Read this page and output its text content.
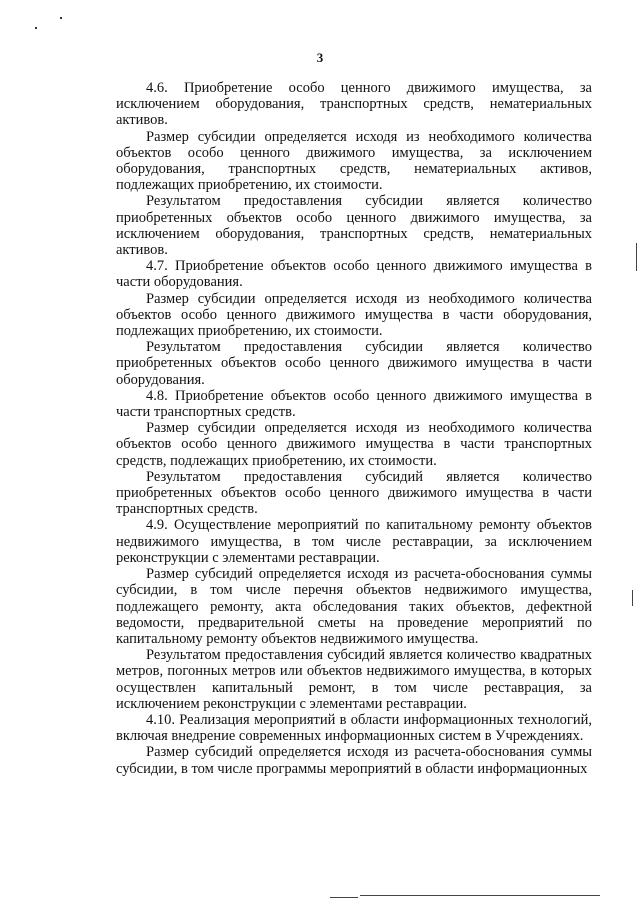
3

4.6. Приобретение особо ценного движимого имущества, за исключением оборудования, транспортных средств, нематериальных активов.

Размер субсидии определяется исходя из необходимого количества объектов особо ценного движимого имущества, за исключением оборудования, транспортных средств, нематериальных активов, подлежащих приобретению, их стоимости.

Результатом предоставления субсидии является количество приобретенных объектов особо ценного движимого имущества, за исключением оборудования, транспортных средств, нематериальных активов.

4.7. Приобретение объектов особо ценного движимого имущества в части оборудования.

Размер субсидии определяется исходя из необходимого количества объектов особо ценного движимого имущества в части оборудования, подлежащих приобретению, их стоимости.

Результатом предоставления субсидии является количество приобретенных объектов особо ценного движимого имущества в части оборудования.

4.8. Приобретение объектов особо ценного движимого имущества в части транспортных средств.

Размер субсидии определяется исходя из необходимого количества объектов особо ценного движимого имущества в части транспортных средств, подлежащих приобретению, их стоимости.

Результатом предоставления субсидий является количество приобретенных объектов особо ценного движимого имущества в части транспортных средств.

4.9. Осуществление мероприятий по капитальному ремонту объектов недвижимого имущества, в том числе реставрации, за исключением реконструкции с элементами реставрации.

Размер субсидий определяется исходя из расчета-обоснования суммы субсидии, в том числе перечня объектов недвижимого имущества, подлежащего ремонту, акта обследования таких объектов, дефектной ведомости, предварительной сметы на проведение мероприятий по капитальному ремонту объектов недвижимого имущества.

Результатом предоставления субсидий является количество квадратных метров, погонных метров или объектов недвижимого имущества, в которых осуществлен капитальный ремонт, в том числе реставрация, за исключением реконструкции с элементами реставрации.

4.10. Реализация мероприятий в области информационных технологий, включая внедрение современных информационных систем в Учреждениях.

Размер субсидий определяется исходя из расчета-обоснования суммы субсидии, в том числе программы мероприятий в области информационных
